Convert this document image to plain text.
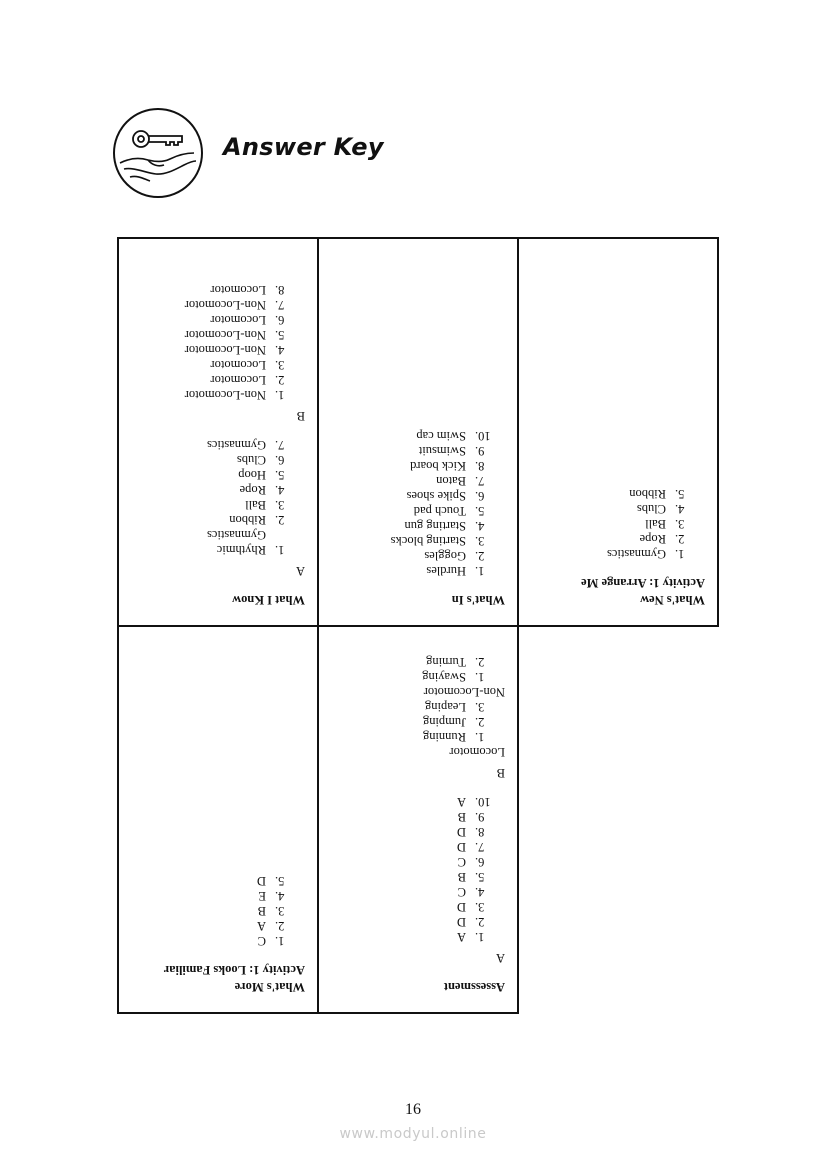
Answer Key
What's New
Activity 1: Arrange Me
1.
Gymnastics
2.
Rope
3.
Ball
4.
Clubs
5.
Ribbon
What's In
1.
Hurdles
2.
Goggles
3.
Starting blocks
4.
Starting gun
5.
Touch pad
6.
Spike shoes
7.
Baton
8.
Kick board
9.
Swimsuit
10.
Swim cap
What I Know
A
1.
Rhythmic
Gymnastics
2.
Ribbon
3.
Ball
4.
Rope
5.
Hoop
6.
Clubs
7.
Gymnastics
B
1.
Non-Locomotor
2.
Locomotor
3.
Locomotor
4.
Non-Locomotor
5.
Non-Locomotor
6.
Locomotor
7.
Non-Locomotor
8.
Locomotor
Assessment
A
1.
A
2.
D
3.
D
4.
C
5.
B
6.
C
7.
D
8.
D
9.
B
10.
A
B
Locomotor
1.
Running
2.
Jumping
3.
Leaping
Non-Locomotor
1.
Swaying
2.
Turning
What's More
Activity 1: Looks Familiar
1.
C
2.
A
3.
B
4.
E
5.
D
16
www.modyul.online
